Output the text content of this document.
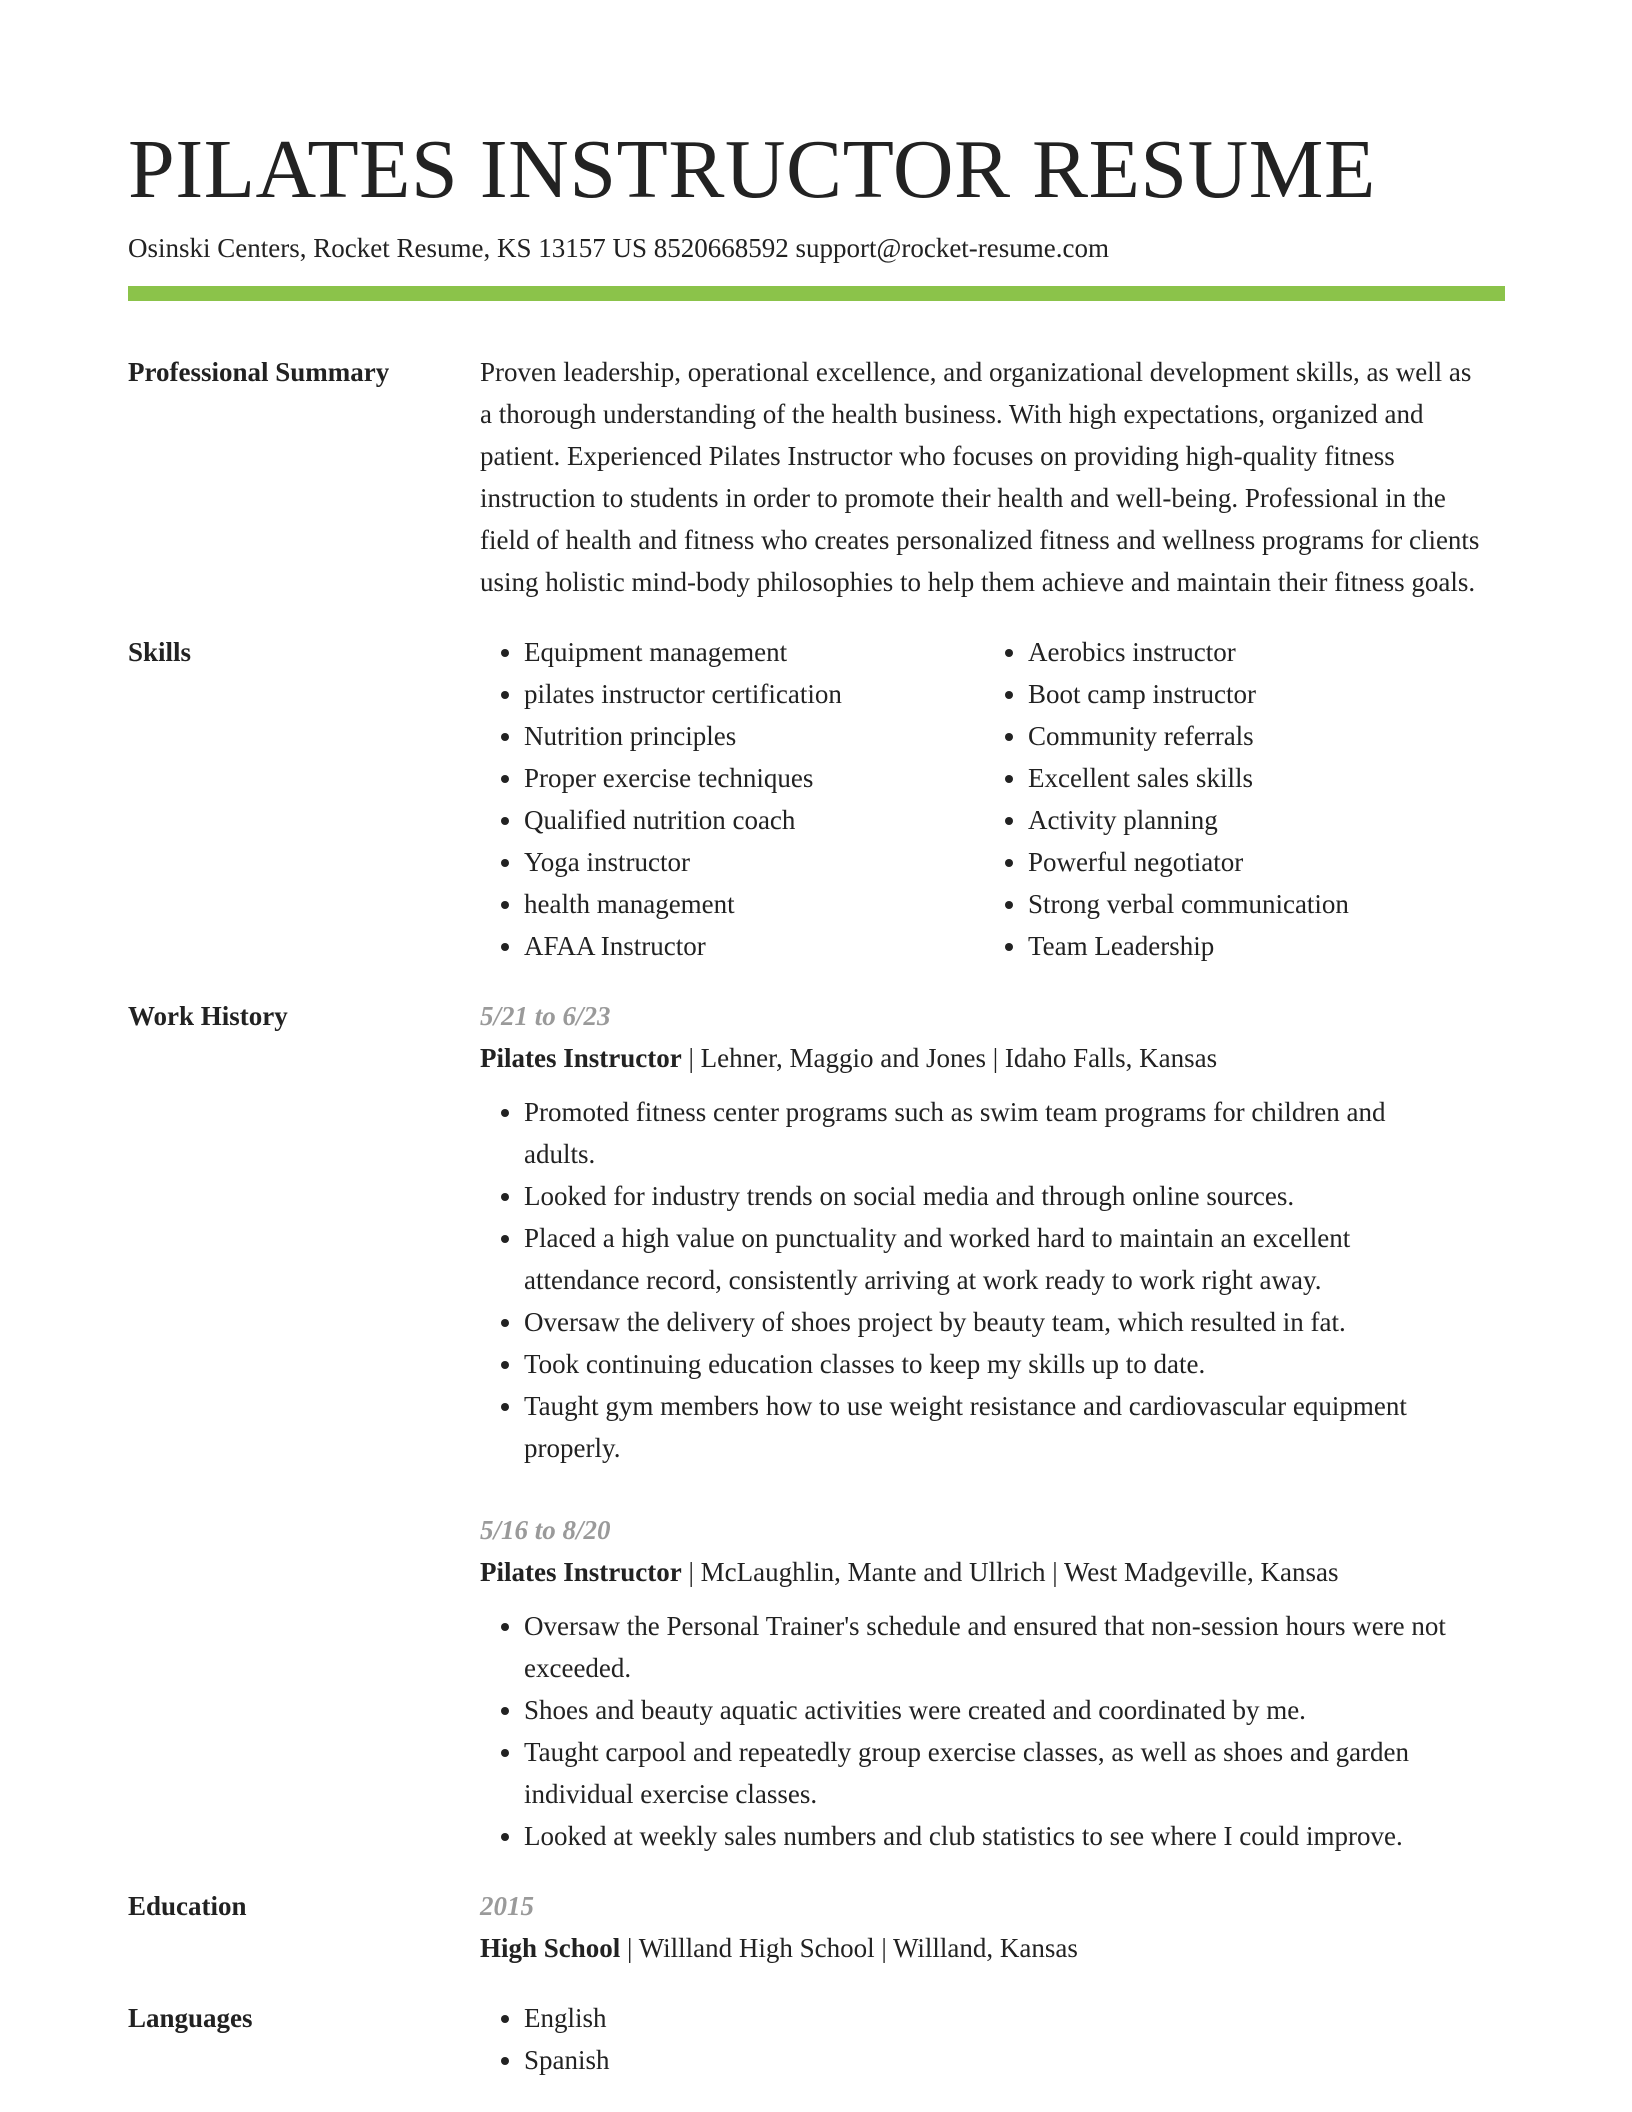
PILATES INSTRUCTOR RESUME
Osinski Centers, Rocket Resume, KS 13157 US 8520668592 support@rocket-resume.com
Professional Summary	Proven leadership, operational excellence, and organizational development skills, as well as a thorough understanding of the health business. With high expectations, organized and patient. Experienced Pilates Instructor who focuses on providing high-quality fitness instruction to students in order to promote their health and well-being. Professional in the field of health and fitness who creates personalized fitness and wellness programs for clients using holistic mind-body philosophies to help them achieve and maintain their fitness goals.

Skills	• Equipment management
• pilates instructor certification
• Nutrition principles
• Proper exercise techniques
• Qualified nutrition coach
• Yoga instructor
• health management
• AFAA Instructor
• Aerobics instructor
• Boot camp instructor
• Community referrals
• Excellent sales skills
• Activity planning
• Powerful negotiator
• Strong verbal communication
• Team Leadership
Work History	5/21 to 6/23
Pilates Instructor | Lehner, Maggio and Jones | Idaho Falls, Kansas
• Promoted fitness center programs such as swim team programs for children and adults.
• Looked for industry trends on social media and through online sources.
• Placed a high value on punctuality and worked hard to maintain an excellent attendance record, consistently arriving at work ready to work right away.
• Oversaw the delivery of shoes project by beauty team, which resulted in fat.
• Took continuing education classes to keep my skills up to date.
• Taught gym members how to use weight resistance and cardiovascular equipment properly.
5/16 to 8/20
Pilates Instructor | McLaughlin, Mante and Ullrich | West Madgeville, Kansas
• Oversaw the Personal Trainer's schedule and ensured that non-session hours were not exceeded.
• Shoes and beauty aquatic activities were created and coordinated by me.
• Taught carpool and repeatedly group exercise classes, as well as shoes and garden individual exercise classes.
• Looked at weekly sales numbers and club statistics to see where I could improve.
Education	2015
High School | Willland High School | Willland, Kansas
Languages	• English
• Spanish
